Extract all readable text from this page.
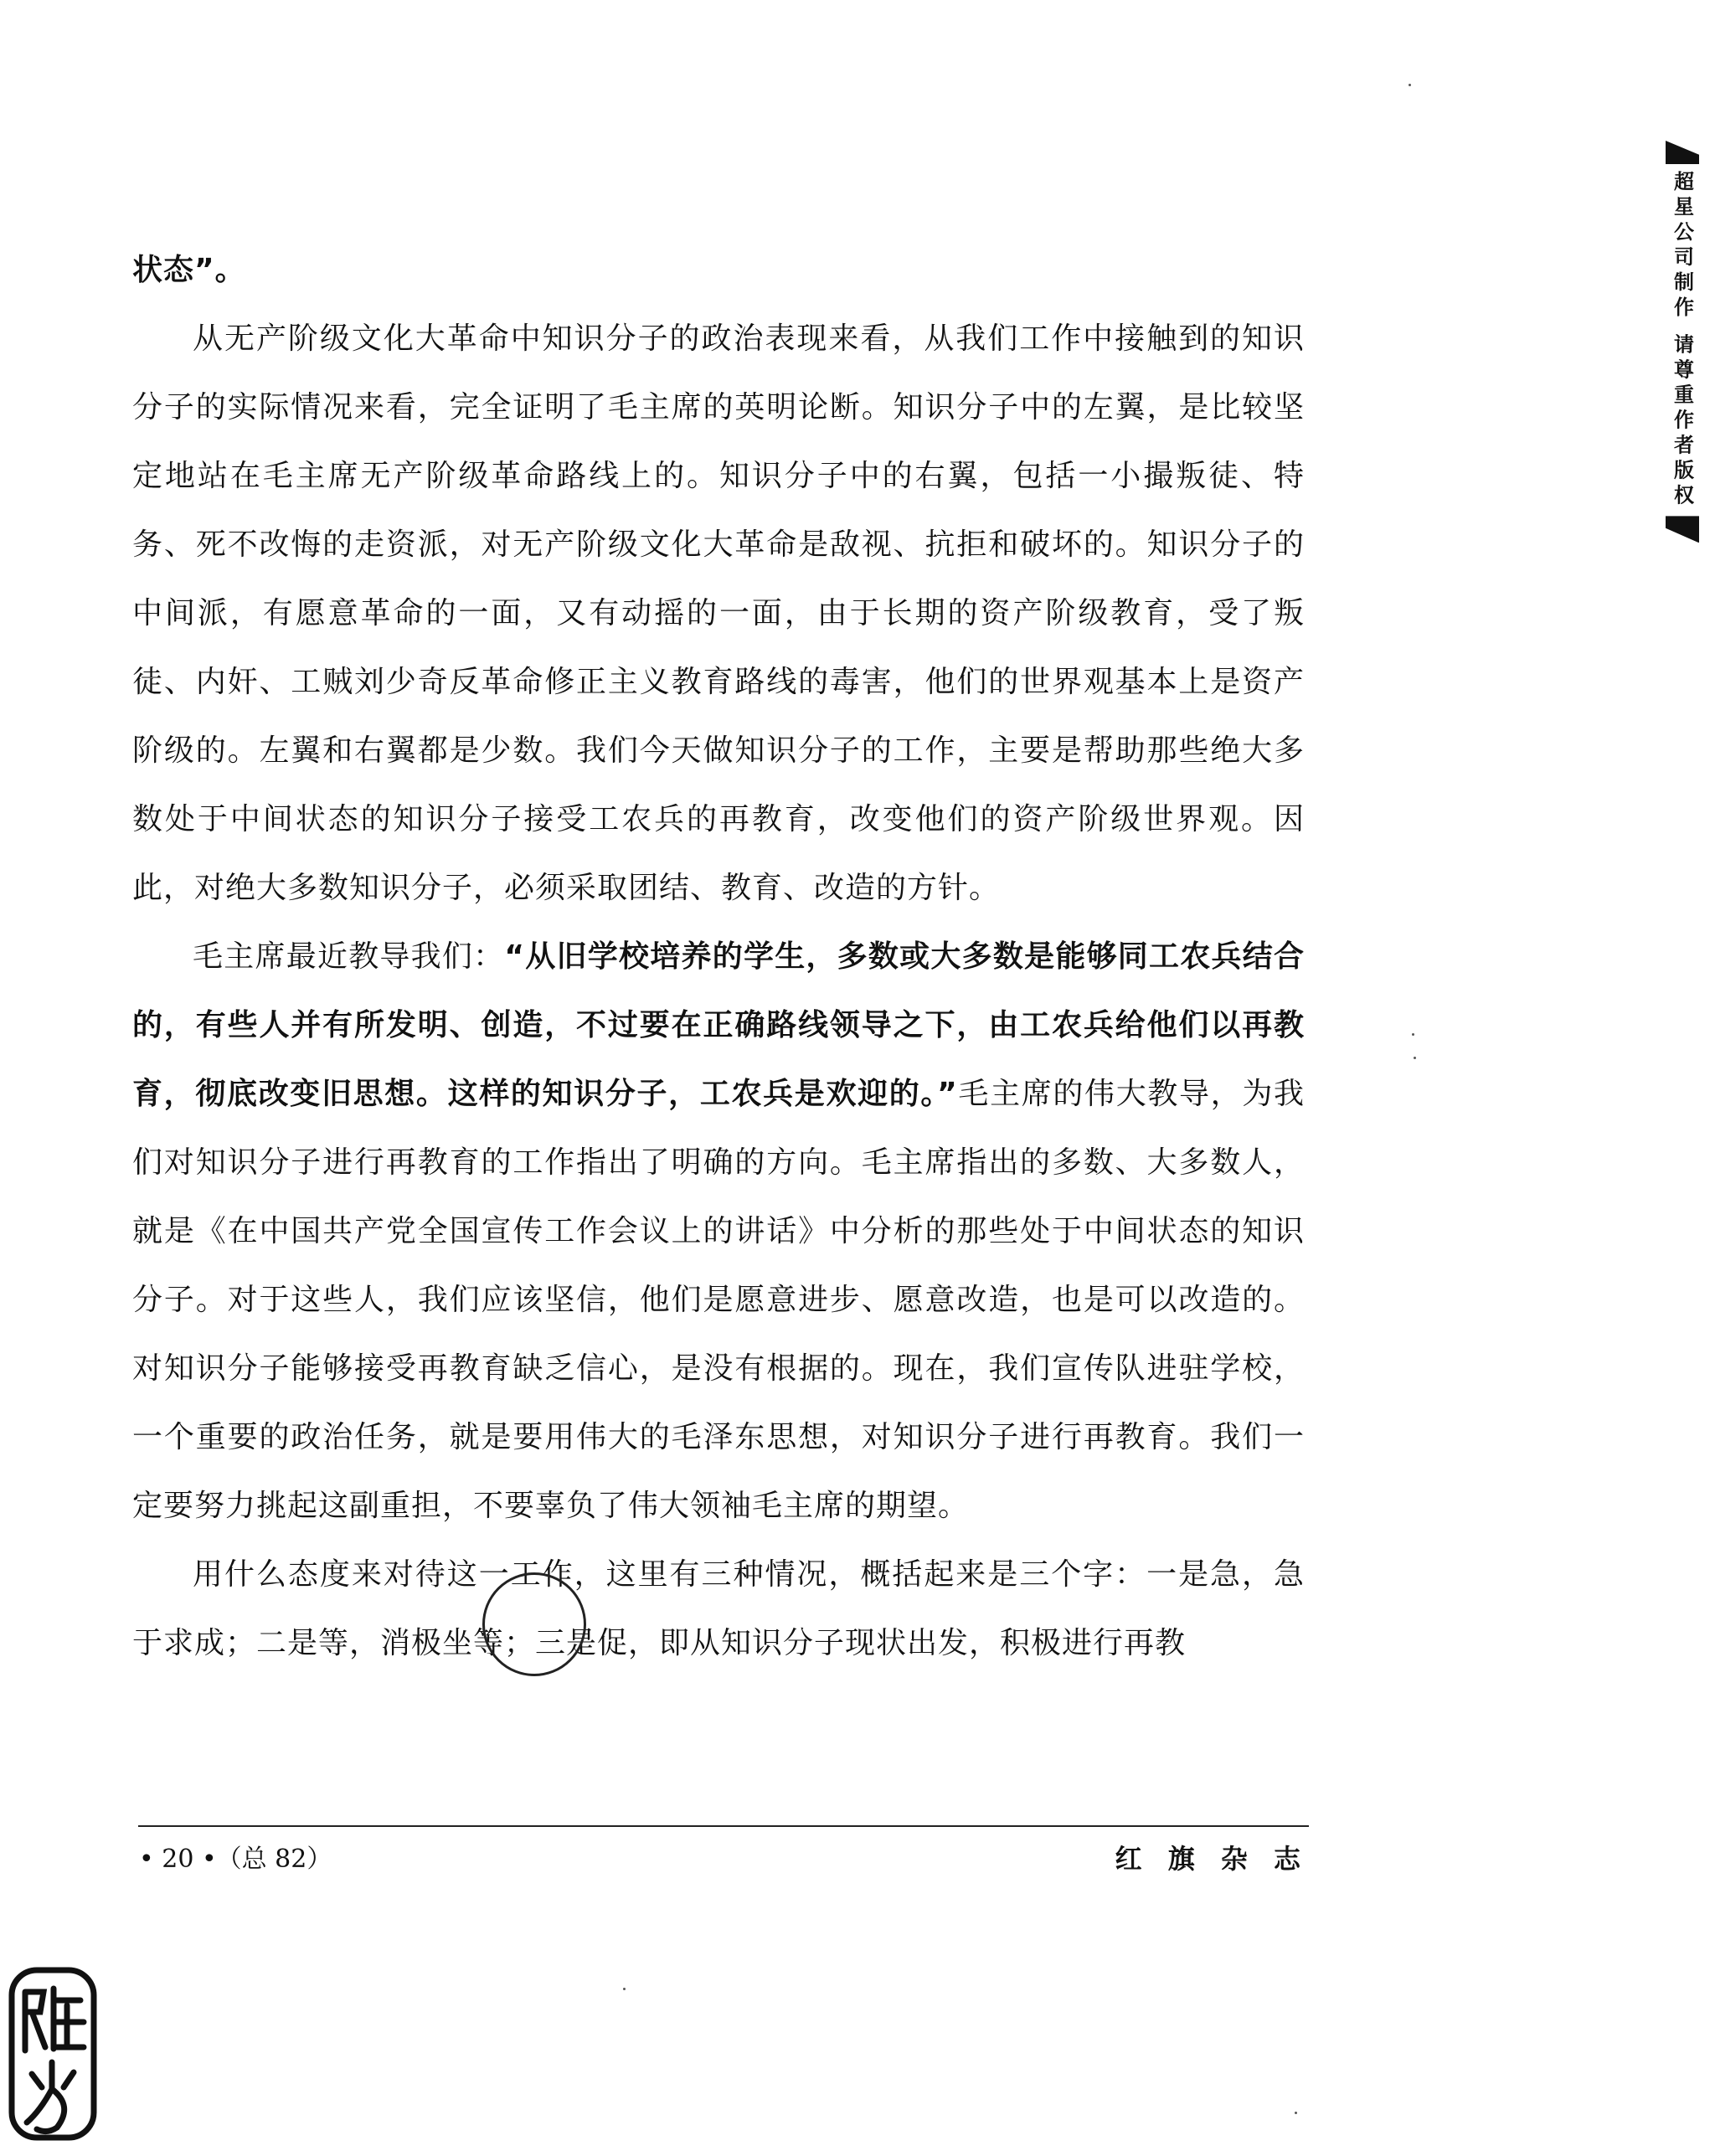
状态”。

从无产阶级文化大革命中知识分子的政治表现来看，从我们工作中接触到的知识分子的实际情况来看，完全证明了毛主席的英明论断。知识分子中的左翼，是比较坚定地站在毛主席无产阶级革命路线上的。知识分子中的右翼，包括一小撮叛徒、特务、死不改悔的走资派，对无产阶级文化大革命是敌视、抗拒和破坏的。知识分子的中间派，有愿意革命的一面，又有动摇的一面，由于长期的资产阶级教育，受了叛徒、内奸、工贼刘少奇反革命修正主义教育路线的毒害，他们的世界观基本上是资产阶级的。左翼和右翼都是少数。我们今天做知识分子的工作，主要是帮助那些绝大多数处于中间状态的知识分子接受工农兵的再教育，改变他们的资产阶级世界观。因此，对绝大多数知识分子，必须采取团结、教育、改造的方针。

毛主席最近教导我们：“从旧学校培养的学生，多数或大多数是能够同工农兵结合的，有些人并有所发明、创造，不过要在正确路线领导之下，由工农兵给他们以再教育，彻底改变旧思想。这样的知识分子，工农兵是欢迎的。”毛主席的伟大教导，为我们对知识分子进行再教育的工作指出了明确的方向。毛主席指出的多数、大多数人，就是《在中国共产党全国宣传工作会议上的讲话》中分析的那些处于中间状态的知识分子。对于这些人，我们应该坚信，他们是愿意进步、愿意改造，也是可以改造的。对知识分子能够接受再教育缺乏信心，是没有根据的。现在，我们宣传队进驻学校，一个重要的政治任务，就是要用伟大的毛泽东思想，对知识分子进行再教育。我们一定要努力挑起这副重担，不要辜负了伟大领袖毛主席的期望。

用什么态度来对待这一工作，这里有三种情况，概括起来是三个字：一是急，急于求成；二是等，消极坐等；三是促，即从知识分子现状出发，积极进行再教

• 20 •（总 82）	红 旗 杂 志
超星公司制作 请尊重作者版权
